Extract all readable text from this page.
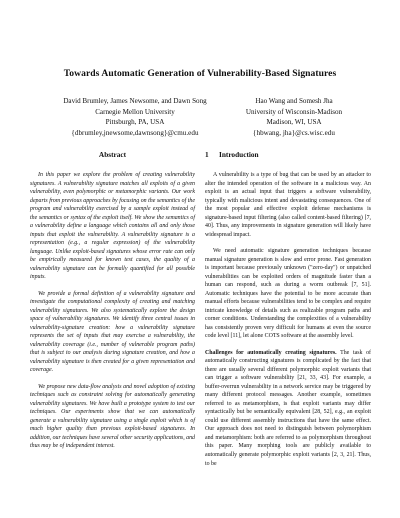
Towards Automatic Generation of Vulnerability-Based Signatures
David Brumley, James Newsome, and Dawn Song
Carnegie Mellon University
Pittsburgh, PA, USA
{dbrumley,jnewsome,dawnsong}@cmu.edu
Hao Wang and Somesh Jha
University of Wisconsin-Madison
Madison, WI, USA
{hbwang, jha}@cs.wisc.edu
Abstract

In this paper we explore the problem of creating vulnerability signatures. A vulnerability signature matches all exploits of a given vulnerability, even polymorphic or metamorphic variants. Our work departs from previous approaches by focusing on the semantics of the program and vulnerability exercised by a sample exploit instead of the semantics or syntax of the exploit itself. We show the semantics of a vulnerability define a language which contains all and only those inputs that exploit the vulnerability. A vulnerability signature is a representation (e.g., a regular expression) of the vulnerability language. Unlike exploit-based signatures whose error rate can only be empirically measured for known test cases, the quality of a vulnerability signature can be formally quantified for all possible inputs.

We provide a formal definition of a vulnerability signature and investigate the computational complexity of creating and matching vulnerability signatures. We also systematically explore the design space of vulnerability signatures. We identify three central issues in vulnerability-signature creation: how a vulnerability signature represents the set of inputs that may exercise a vulnerability, the vulnerability coverage (i.e., number of vulnerable program paths) that is subject to our analysis during signature creation, and how a vulnerability signature is then created for a given representation and coverage.

We propose new data-flow analysis and novel adoption of existing techniques such as constraint solving for automatically generating vulnerability signatures. We have built a prototype system to test our techniques. Our experiments show that we can automatically generate a vulnerability signature using a single exploit which is of much higher quality than previous exploit-based signatures. In addition, our techniques have several other security applications, and thus may be of independent interest.

1 Introduction

A vulnerability is a type of bug that can be used by an attacker to alter the intended operation of the software in a malicious way. An exploit is an actual input that triggers a software vulnerability, typically with malicious intent and devastating consequences. One of the most popular and effective exploit defense mechanisms is signature-based input filtering (also called content-based filtering) [7, 40]. Thus, any improvements in signature generation will likely have widespread impact.

We need automatic signature generation techniques because manual signature generation is slow and error prone. Fast generation is important because previously unknown ("zero-day") or unpatched vulnerabilities can be exploited orders of magnitude faster than a human can respond, such as during a worm outbreak [7, 51]. Automatic techniques have the potential to be more accurate than manual efforts because vulnerabilities tend to be complex and require intricate knowledge of details such as realizable program paths and corner conditions. Understanding the complexities of a vulnerability has consistently proven very difficult for humans at even the source code level [11], let alone COTS software at the assembly level.

Challenges for automatically creating signatures. The task of automatically constructing signatures is complicated by the fact that there are usually several different polymorphic exploit variants that can trigger a software vulnerability [21, 33, 43]. For example, a buffer-overrun vulnerability in a network service may be triggered by many different protocol messages. Another example, sometimes referred to as metamorphism, is that exploit variants may differ syntactically but be semantically equivalent [28, 52], e.g., an exploit could use different assembly instructions that have the same effect. Our approach does not need to distinguish between polymorphism and metamorphism: both are referred to as polymorphism throughout this paper. Many morphing tools are publicly available to automatically generate polymorphic exploit variants [2, 3, 21]. Thus, to be
